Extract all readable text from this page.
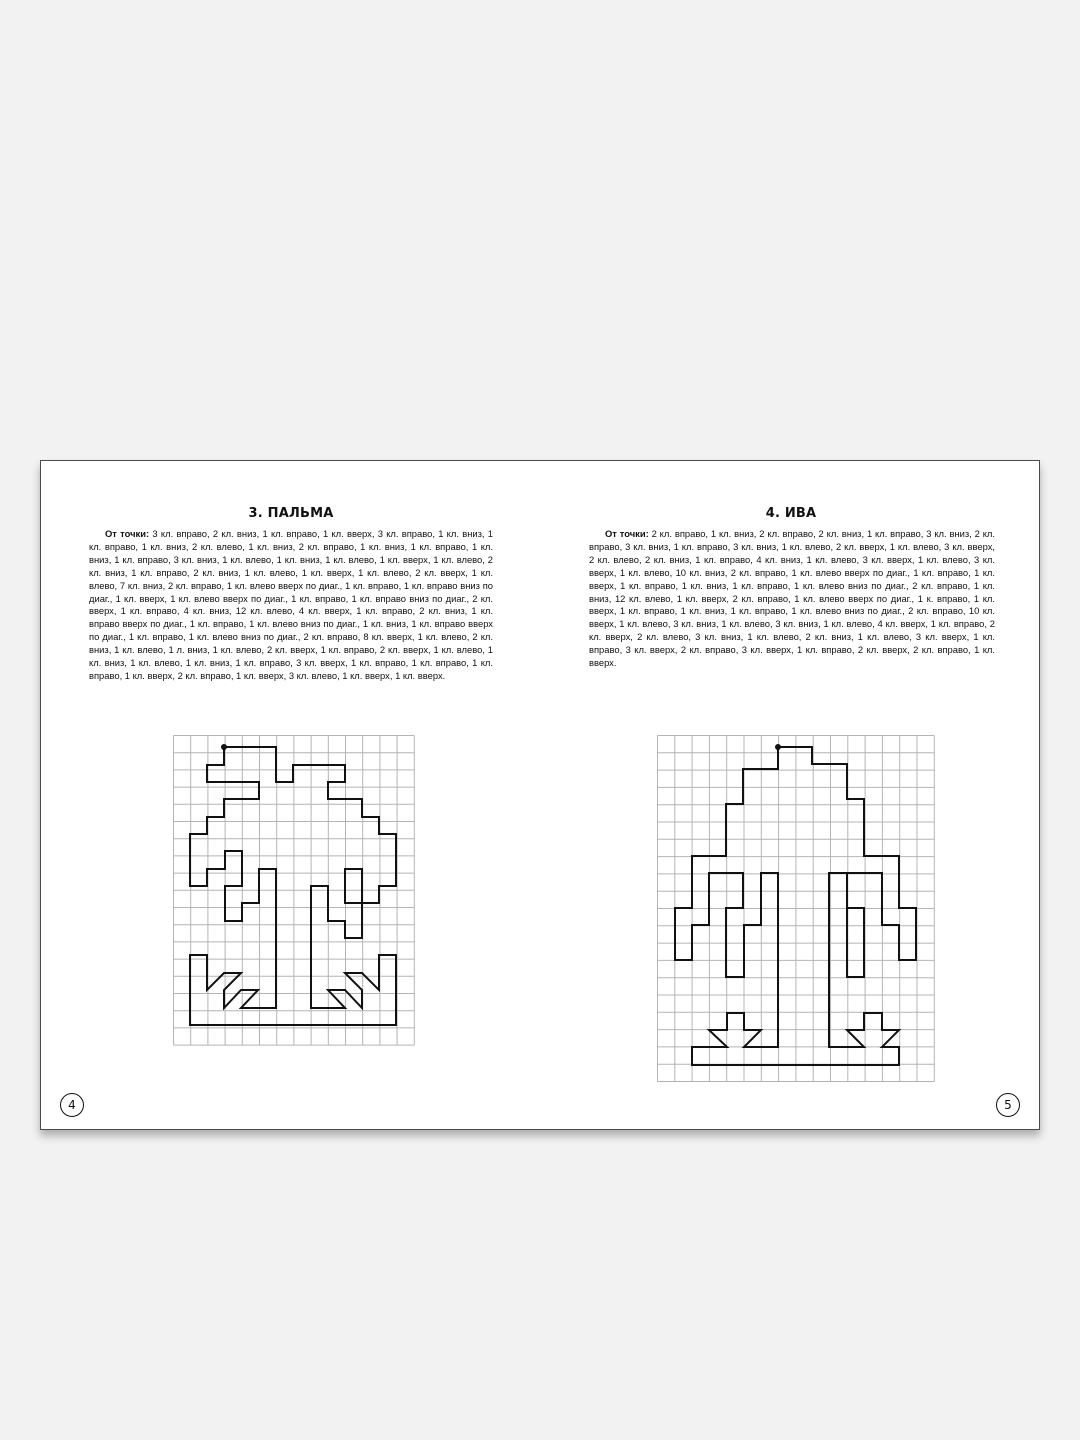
3. ПАЛЬМА

От точки: 3 кл. вправо, 2 кл. вниз, 1 кл. вправо, 1 кл. вверх, 3 кл. вправо, 1 кл. вниз, 1 кл. вправо, 1 кл. вниз, 2 кл. влево, 1 кл. вниз, 2 кл. вправо, 1 кл. вниз, 1 кл. вправо, 1 кл. вниз, 1 кл. вправо, 3 кл. вниз, 1 кл. влево, 1 кл. вниз, 1 кл. влево, 1 кл. вверх, 1 кл. влево, 2 кл. вниз, 1 кл. вправо, 2 кл. вниз, 1 кл. влево, 1 кл. вверх, 1 кл. влево, 2 кл. вверх, 1 кл. влево, 7 кл. вниз, 2 кл. вправо, 1 кл. влево вверх по диаг., 1 кл. вправо, 1 кл. вправо вниз по диаг., 1 кл. вверх, 1 кл. влево вверх по диаг., 1 кл. вправо, 1 кл. вправо вниз по диаг., 2 кл. вверх, 1 кл. вправо, 4 кл. вниз, 12 кл. влево, 4 кл. вверх, 1 кл. вправо, 2 кл. вниз, 1 кл. вправо вверх по диаг., 1 кл. вправо, 1 кл. влево вниз по диаг., 1 кл. вниз, 1 кл. вправо вверх по диаг., 1 кл. вправо, 1 кл. влево вниз по диаг., 2 кл. вправо, 8 кл. вверх, 1 кл. влево, 2 кл. вниз, 1 кл. влево, 1 л. вниз, 1 кл. влево, 2 кл. вверх, 1 кл. вправо, 2 кл. вверх, 1 кл. влево, 1 кл. вниз, 1 кл. влево, 1 кл. вниз, 1 кл. вправо, 3 кл. вверх, 1 кл. вправо, 1 кл. вправо, 1 кл. вправо, 1 кл. вверх, 2 кл. вправо, 1 кл. вверх, 3 кл. влево, 1 кл. вверх, 1 кл. вверх.

4
4. ИВА

От точки: 2 кл. вправо, 1 кл. вниз, 2 кл. вправо, 2 кл. вниз, 1 кл. вправо, 3 кл. вниз, 2 кл. вправо, 3 кл. вниз, 1 кл. вправо, 3 кл. вниз, 1 кл. влево, 2 кл. вверх, 1 кл. влево, 3 кл. вверх, 2 кл. влево, 2 кл. вниз, 1 кл. вправо, 4 кл. вниз, 1 кл. влево, 3 кл. вверх, 1 кл. влево, 3 кл. вверх, 1 кл. влево, 10 кл. вниз, 2 кл. вправо, 1 кл. влево вверх по диаг., 1 кл. вправо, 1 кл. вверх, 1 кл. вправо, 1 кл. вниз, 1 кл. вправо, 1 кл. влево вниз по диаг., 2 кл. вправо, 1 кл. вниз, 12 кл. влево, 1 кл. вверх, 2 кл. вправо, 1 кл. влево вверх по диаг., 1 к. вправо, 1 кл. вверх, 1 кл. вправо, 1 кл. вниз, 1 кл. вправо, 1 кл. влево вниз по диаг., 2 кл. вправо, 10 кл. вверх, 1 кл. влево, 3 кл. вниз, 1 кл. влево, 3 кл. вниз, 1 кл. влево, 4 кл. вверх, 1 кл. вправо, 2 кл. вверх, 2 кл. влево, 3 кл. вниз, 1 кл. влево, 2 кл. вниз, 1 кл. влево, 3 кл. вверх, 1 кл. вправо, 3 кл. вверх, 2 кл. вправо, 3 кл. вверх, 1 кл. вправо, 2 кл. вверх, 2 кл. вправо, 1 кл. вверх.

5
